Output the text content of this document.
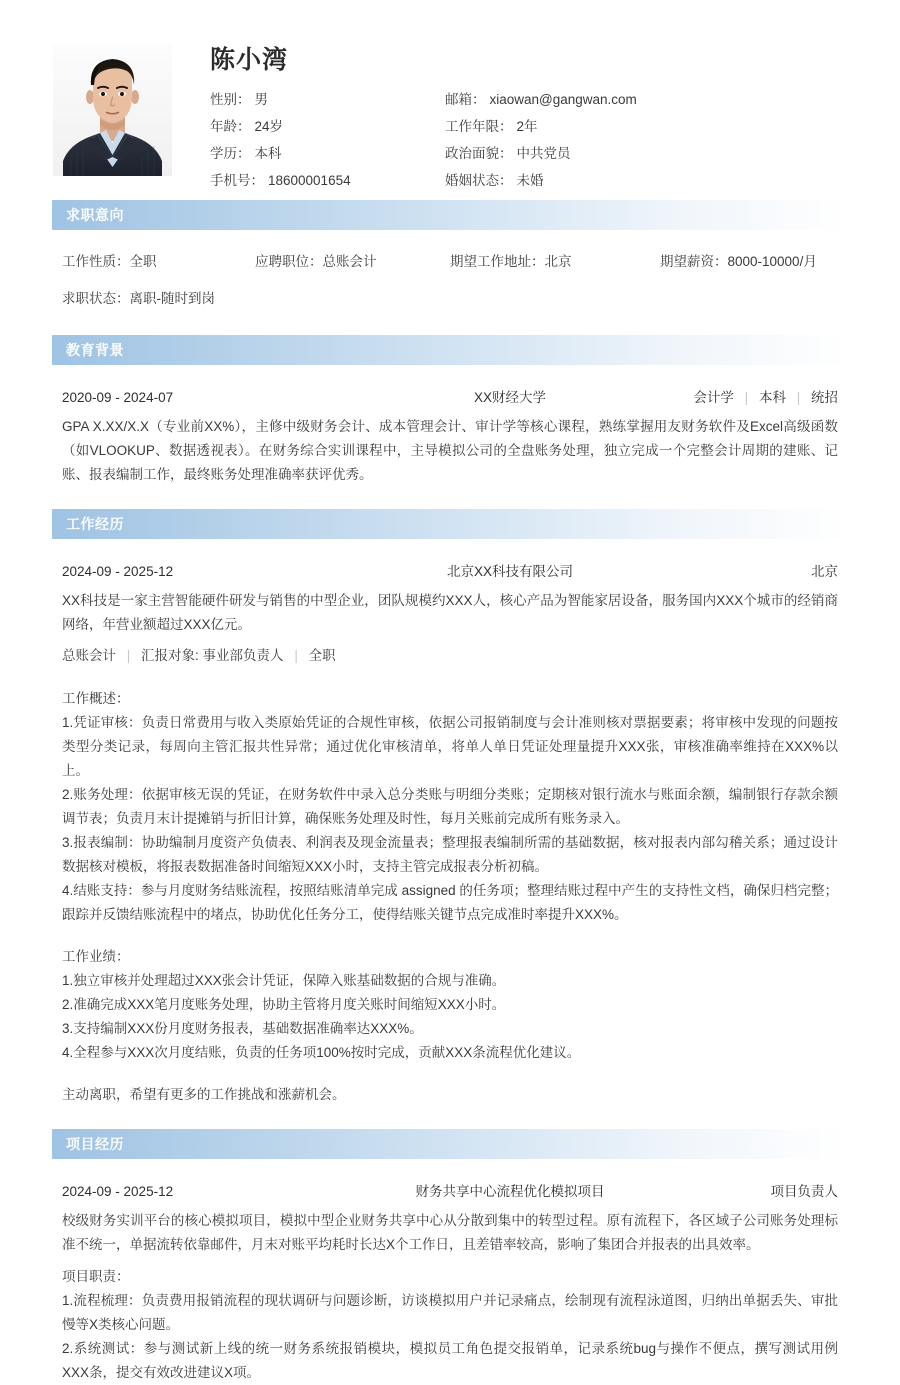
陈小湾
性别： 男	邮箱： xiaowan@gangwan.com
年龄： 24岁	工作年限： 2年
学历： 本科	政治面貌： 中共党员
手机号： 18600001654	婚姻状态： 未婚
求职意向
工作性质：全职	应聘职位：总账会计	期望工作地址：北京	期望薪资：8000-10000/月
求职状态：离职-随时到岗
教育背景
2020-09 - 2024-07	XX财经大学	会计学 | 本科 | 统招
GPA X.XX/X.X（专业前XX%），主修中级财务会计、成本管理会计、审计学等核心课程，熟练掌握用友财务软件及Excel高级函数（如VLOOKUP、数据透视表）。在财务综合实训课程中，主导模拟公司的全盘账务处理，独立完成一个完整会计周期的建账、记账、报表编制工作，最终账务处理准确率获评优秀。
工作经历
2024-09 - 2025-12	北京XX科技有限公司	北京
XX科技是一家主营智能硬件研发与销售的中型企业，团队规模约XXX人，核心产品为智能家居设备，服务国内XXX个城市的经销商网络，年营业额超过XXX亿元。
总账会计 | 汇报对象: 事业部负责人 | 全职
工作概述：
1.凭证审核：负责日常费用与收入类原始凭证的合规性审核，依据公司报销制度与会计准则核对票据要素；将审核中发现的问题按类型分类记录，每周向主管汇报共性异常；通过优化审核清单，将单人单日凭证处理量提升XXX张，审核准确率维持在XXX%以上。
2.账务处理：依据审核无误的凭证，在财务软件中录入总分类账与明细分类账；定期核对银行流水与账面余额，编制银行存款余额调节表；负责月末计提摊销与折旧计算，确保账务处理及时性，每月关账前完成所有账务录入。
3.报表编制：协助编制月度资产负债表、利润表及现金流量表；整理报表编制所需的基础数据，核对报表内部勾稽关系；通过设计数据核对模板，将报表数据准备时间缩短XXX小时，支持主管完成报表分析初稿。
4.结账支持：参与月度财务结账流程，按照结账清单完成 assigned 的任务项；整理结账过程中产生的支持性文档，确保归档完整；跟踪并反馈结账流程中的堵点，协助优化任务分工，使得结账关键节点完成准时率提升XXX%。
工作业绩：
1.独立审核并处理超过XXX张会计凭证，保障入账基础数据的合规与准确。
2.准确完成XXX笔月度账务处理，协助主管将月度关账时间缩短XXX小时。
3.支持编制XXX份月度财务报表，基础数据准确率达XXX%。
4.全程参与XXX次月度结账，负责的任务项100%按时完成，贡献XXX条流程优化建议。
主动离职，希望有更多的工作挑战和涨薪机会。
项目经历
2024-09 - 2025-12	财务共享中心流程优化模拟项目	项目负责人
校级财务实训平台的核心模拟项目，模拟中型企业财务共享中心从分散到集中的转型过程。原有流程下，各区域子公司账务处理标准不统一，单据流转依靠邮件，月末对账平均耗时长达X个工作日，且差错率较高，影响了集团合并报表的出具效率。
项目职责：
1.流程梳理：负责费用报销流程的现状调研与问题诊断，访谈模拟用户并记录痛点，绘制现有流程泳道图，归纳出单据丢失、审批慢等X类核心问题。
2.系统测试：参与测试新上线的统一财务系统报销模块，模拟员工角色提交报销单，记录系统bug与操作不便点，撰写测试用例XXX条，提交有效改进建议X项。
